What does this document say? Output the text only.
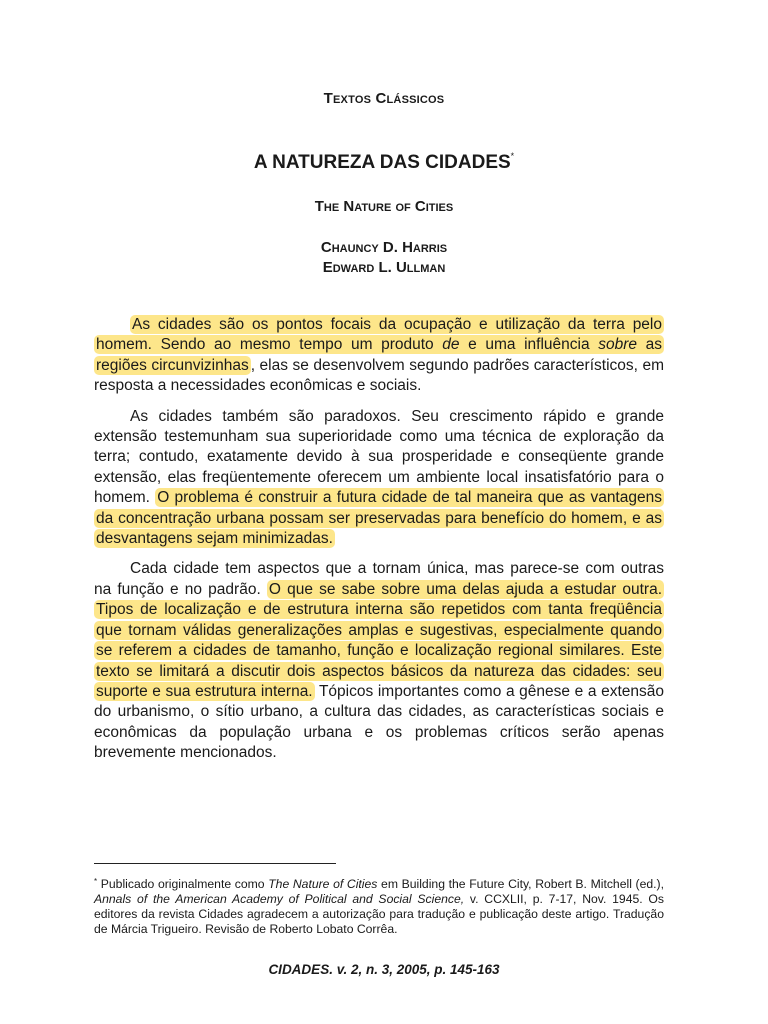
Textos Clássicos
A NATUREZA DAS CIDADES*
The Nature of Cities
Chauncy D. Harris
Edward L. Ullman

As cidades são os pontos focais da ocupação e utilização da terra pelo homem. Sendo ao mesmo tempo um produto de e uma influência sobre as regiões circunvizinhas , elas se desenvolvem segundo padrões característicos, em resposta a necessidades econômicas e sociais.

As cidades também são paradoxos. Seu crescimento rápido e grande extensão testemunham sua superioridade como uma técnica de exploração da terra; contudo, exatamente devido à sua prosperidade e conseqüente grande extensão, elas freqüentemente oferecem um ambiente local insatisfatório para o homem. O problema é construir a futura cidade de tal maneira que as vantagens da concentração urbana possam ser preservadas para benefício do homem, e as desvantagens sejam minimizadas.

Cada cidade tem aspectos que a tornam única, mas parece-se com outras na função e no padrão. O que se sabe sobre uma delas ajuda a estudar outra. Tipos de localização e de estrutura interna são repetidos com tanta freqüência que tornam válidas generalizações amplas e sugestivas, especialmente quando se referem a cidades de tamanho, função e localização regional similares. Este texto se limitará a discutir dois aspectos básicos da natureza das cidades: seu suporte e sua estrutura interna. Tópicos importantes como a gênese e a extensão do urbanismo, o sítio urbano, a cultura das cidades, as características sociais e econômicas da população urbana e os problemas críticos serão apenas brevemente mencionados.

* Publicado originalmente como The Nature of Cities em Building the Future City, Robert B. Mitchell (ed.), Annals of the American Academy of Political and Social Science, v. CCXLII, p. 7-17, Nov. 1945. Os editores da revista Cidades agradecem a autorização para tradução e publicação deste artigo. Tradução de Márcia Trigueiro. Revisão de Roberto Lobato Corrêa.
CIDADES. v. 2, n. 3, 2005, p. 145-163
